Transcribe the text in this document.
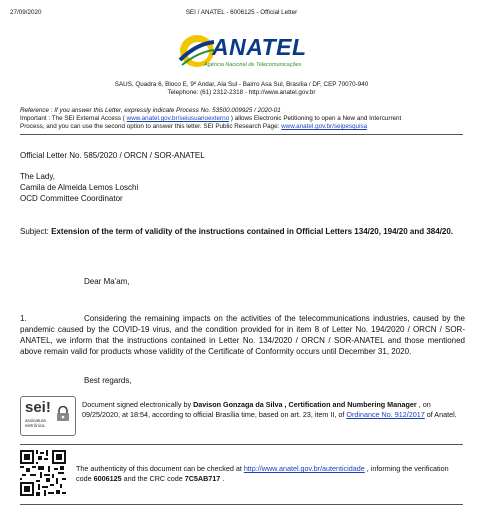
27/09/2020	SEI / ANATEL - 6006125 - Official Letter
ANATEL
Agência Nacional de Telecomunicações
SAUS, Quadra 6, Bloco E, 9º Andar, Ala Sul - Bairro Asa Sul, Brasília / DF, CEP 70070-940
Telephone: (61) 2312-2318 - http://www.anatel.gov.br
Reference : If you answer this Letter, expressly indicate Process No. 53500.009925 / 2020-01
Important : The SEI External Access ( www.anatel.gov.br/seiusuarioexterno ) allows Electronic Petitioning to open a New and Intercurrent
Process, and you can use the second option to answer this letter. SEI Public Research Page: www.anatel.gov.br/seipesquisa
Official Letter No. 585/2020 / ORCN / SOR-ANATEL
The Lady,
Camila de Almeida Lemos Loschi
OCD Committee Coordinator
Subject: Extension of the term of validity of the instructions contained in Official Letters 134/20, 194/20 and 384/20.
Dear Ma'am,
1.	Considering the remaining impacts on the activities of the telecommunications industries, caused by the pandemic caused by the COVID-19 virus, and the condition provided for in item 8 of Letter No. 194/2020 / ORCN / SOR-ANATEL, we inform that the instructions contained in Letter No. 134/2020 / ORCN / SOR-ANATEL and those mentioned above remain valid for products whose validity of the Certificate of Conformity occurs until December 31, 2020.
Best regards,
sei!
assinatura
eletrônica
Document signed electronically by Davison Gonzaga da Silva , Certification and Numbering Manager , on 09/25/2020, at 18:54, according to official Brasília time, based on art. 23, item II, of Ordinance No. 912/2017 of Anatel.
The authenticity of this document can be checked at http://www.anatel.gov.br/autenticidade , informing the verification code 6006125 and the CRC code 7C5AB717 .
